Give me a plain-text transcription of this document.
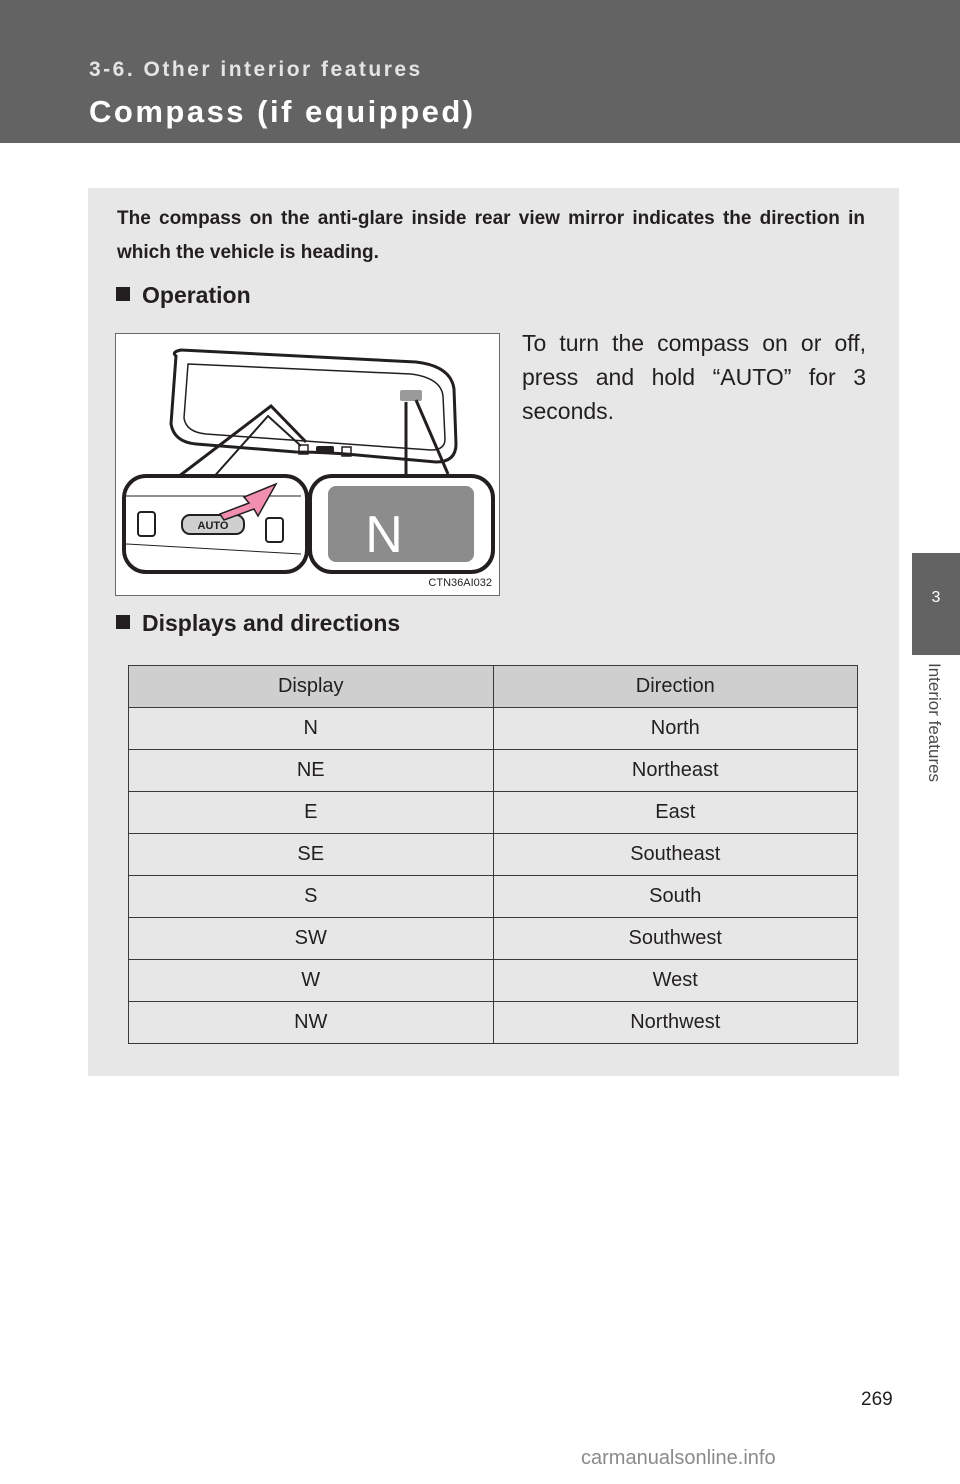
3-6. Other interior features
Compass (if equipped)
3
Interior features
The compass on the anti-glare inside rear view mirror indicates the direction in which the vehicle is heading.
Operation
AUTO	N
CTN36AI032
To turn the compass on or off, press and hold “AUTO” for 3 seconds.
Displays and directions
Display	Direction
N	North
NE	Northeast
E	East
SE	Southeast
S	South
SW	Southwest
W	West
NW	Northwest
269
carmanualsonline.info
